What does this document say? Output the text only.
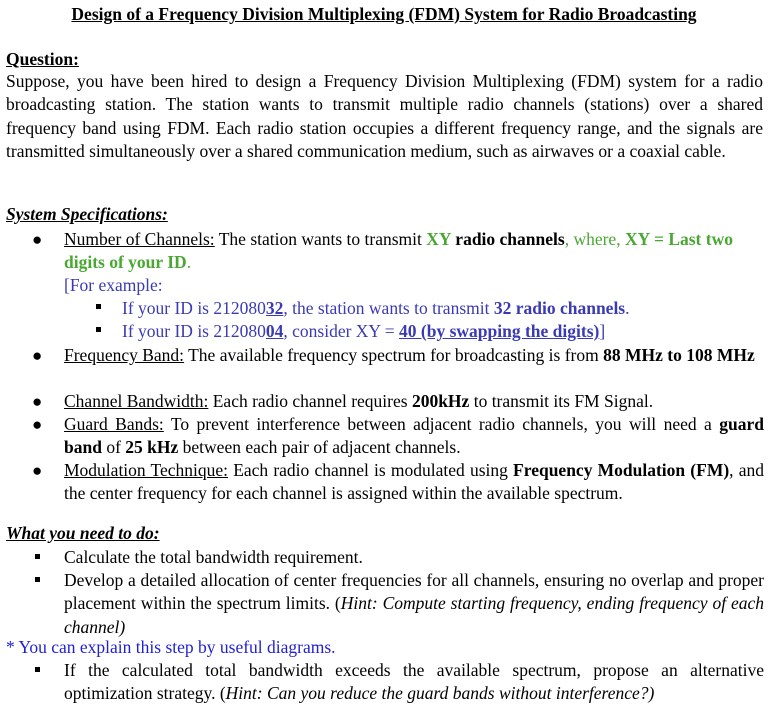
Design of a Frequency Division Multiplexing (FDM) System for Radio Broadcasting
Question:
Suppose, you have been hired to design a Frequency Division Multiplexing (FDM) system for a radio broadcasting station. The station wants to transmit multiple radio channels (stations) over a shared frequency band using FDM. Each radio station occupies a different frequency range, and the signals are transmitted simultaneously over a shared communication medium, such as airwaves or a coaxial cable.
System Specifications:
● Number of Channels: The station wants to transmit XY radio channels, where, XY = Last two digits of your ID.
[For example:
If your ID is 21208032, the station wants to transmit 32 radio channels.
If your ID is 21208004, consider XY = 40 (by swapping the digits)]
● Frequency Band: The available frequency spectrum for broadcasting is from 88 MHz to 108 MHz
● Channel Bandwidth: Each radio channel requires 200kHz to transmit its FM Signal.
● Guard Bands: To prevent interference between adjacent radio channels, you will need a guard band of 25 kHz between each pair of adjacent channels.
● Modulation Technique: Each radio channel is modulated using Frequency Modulation (FM), and the center frequency for each channel is assigned within the available spectrum.
What you need to do:
Calculate the total bandwidth requirement.
Develop a detailed allocation of center frequencies for all channels, ensuring no overlap and proper placement within the spectrum limits. (Hint: Compute starting frequency, ending frequency of each channel)
* You can explain this step by useful diagrams.
If the calculated total bandwidth exceeds the available spectrum, propose an alternative optimization strategy. (Hint: Can you reduce the guard bands without interference?)
